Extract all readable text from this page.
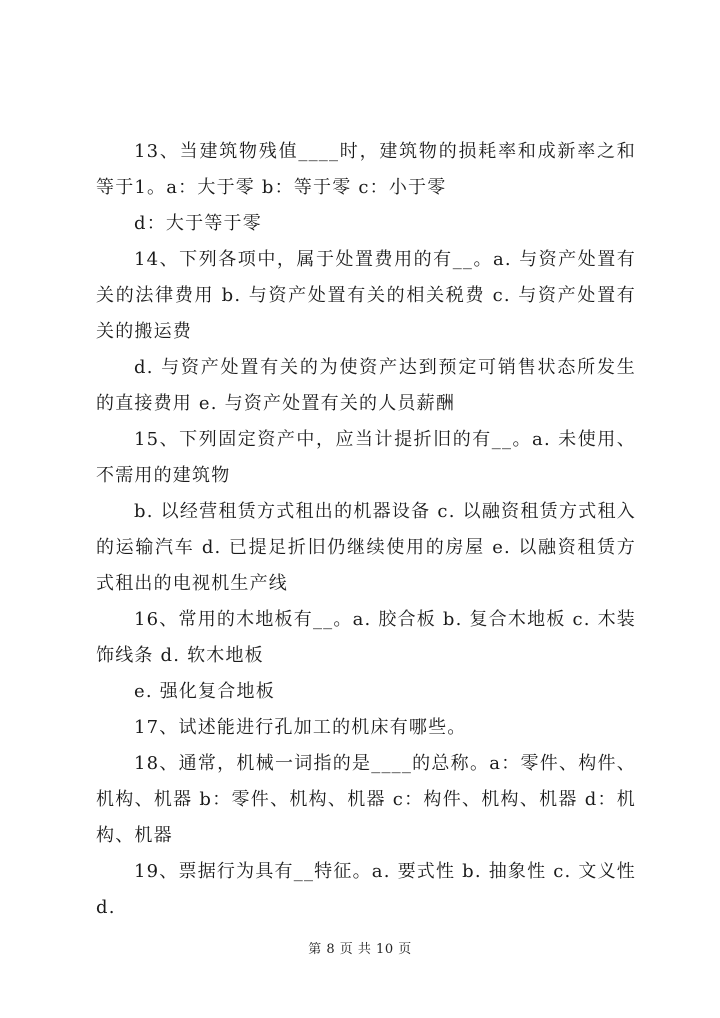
13、当建筑物残值____时，建筑物的损耗率和成新率之和等于1。a：大于零 b：等于零 c：小于零

d：大于等于零

14、下列各项中，属于处置费用的有__。a. 与资产处置有关的法律费用 b. 与资产处置有关的相关税费 c. 与资产处置有关的搬运费

d. 与资产处置有关的为使资产达到预定可销售状态所发生的直接费用 e. 与资产处置有关的人员薪酬

15、下列固定资产中，应当计提折旧的有__。a. 未使用、不需用的建筑物

b. 以经营租赁方式租出的机器设备 c. 以融资租赁方式租入的运输汽车 d. 已提足折旧仍继续使用的房屋 e. 以融资租赁方式租出的电视机生产线

16、常用的木地板有__。a. 胶合板 b. 复合木地板 c. 木装饰线条 d. 软木地板

e. 强化复合地板

17、试述能进行孔加工的机床有哪些。

18、通常，机械一词指的是____的总称。a：零件、构件、机构、机器 b：零件、机构、机器 c：构件、机构、机器 d：机构、机器

19、票据行为具有__特征。a. 要式性 b. 抽象性 c. 文义性 d.

第 8 页 共 10 页
